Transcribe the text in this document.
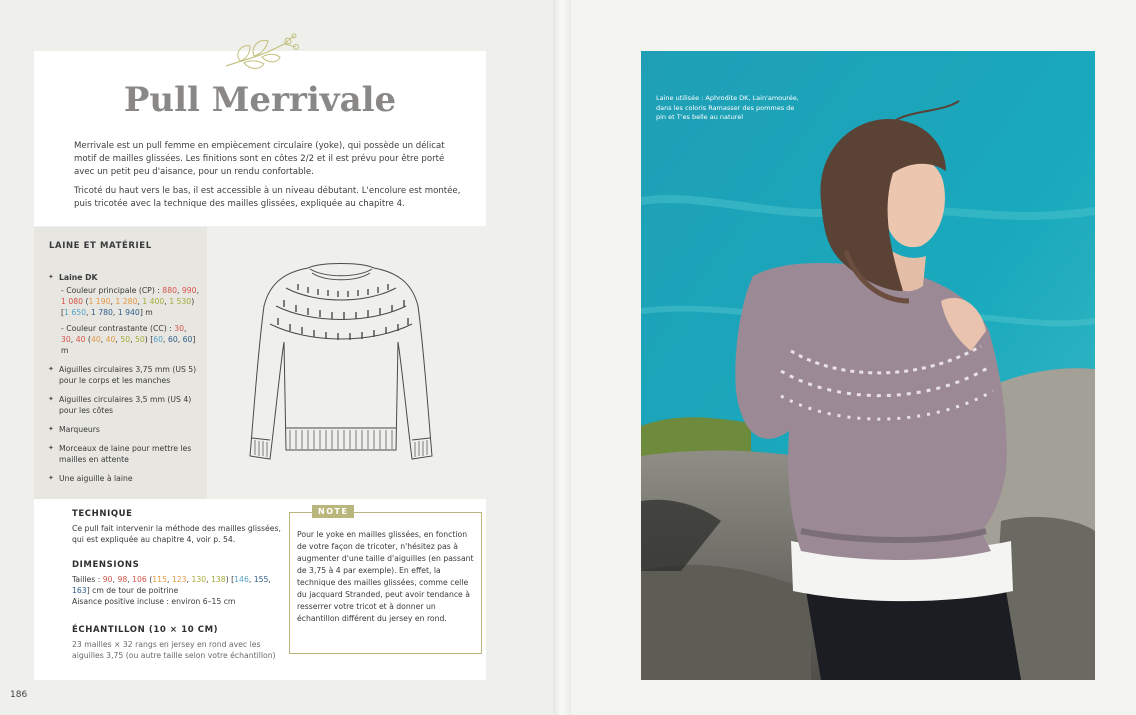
Pull Merrivale

Merrivale est un pull femme en empiècement circulaire (yoke), qui possède un délicat motif de mailles glissées. Les finitions sont en côtes 2/2 et il est prévu pour être porté avec un petit peu d'aisance, pour un rendu confortable.

Tricoté du haut vers le bas, il est accessible à un niveau débutant. L'encolure est montée, puis tricotée avec la technique des mailles glissées, expliquée au chapitre 4.

LAINE ET MATÉRIEL
✦ Laine DK
- Couleur principale (CP) : 880, 990, 1 080 (1 190, 1 280, 1 400, 1 530) [1 650, 1 780, 1 940] m
- Couleur contrastante (CC) : 30, 30, 40 (40, 40, 50, 50) [60, 60, 60] m
✦ Aiguilles circulaires 3,75 mm (US 5) pour le corps et les manches
✦ Aiguilles circulaires 3,5 mm (US 4) pour les côtes
✦ Marqueurs
✦ Morceaux de laine pour mettre les mailles en attente
✦ Une aiguille à laine
TECHNIQUE

Ce pull fait intervenir la méthode des mailles glissées, qui est expliquée au chapitre 4, voir p. 54.

DIMENSIONS

Tailles : 90, 98, 106 (115, 123, 130, 138) [146, 155, 163] cm de tour de poitrine

Aisance positive incluse : environ 6–15 cm

ÉCHANTILLON (10 × 10 CM)

23 mailles × 32 rangs en jersey en rond avec les aiguilles 3,75 (ou autre taille selon votre échantillon)

NOTE

Pour le yoke en mailles glissées, en fonction de votre façon de tricoter, n'hésitez pas à augmenter d'une taille d'aiguilles (en passant de 3,75 à 4 par exemple). En effet, la technique des mailles glissées, comme celle du jacquard Stranded, peut avoir tendance à resserrer votre tricot et à donner un échantillon différent du jersey en rond.

186

Laine utilisée : Aphrodite DK, Lain'amourée, dans les coloris Ramasser des pommes de pin et T'es belle au naturel
